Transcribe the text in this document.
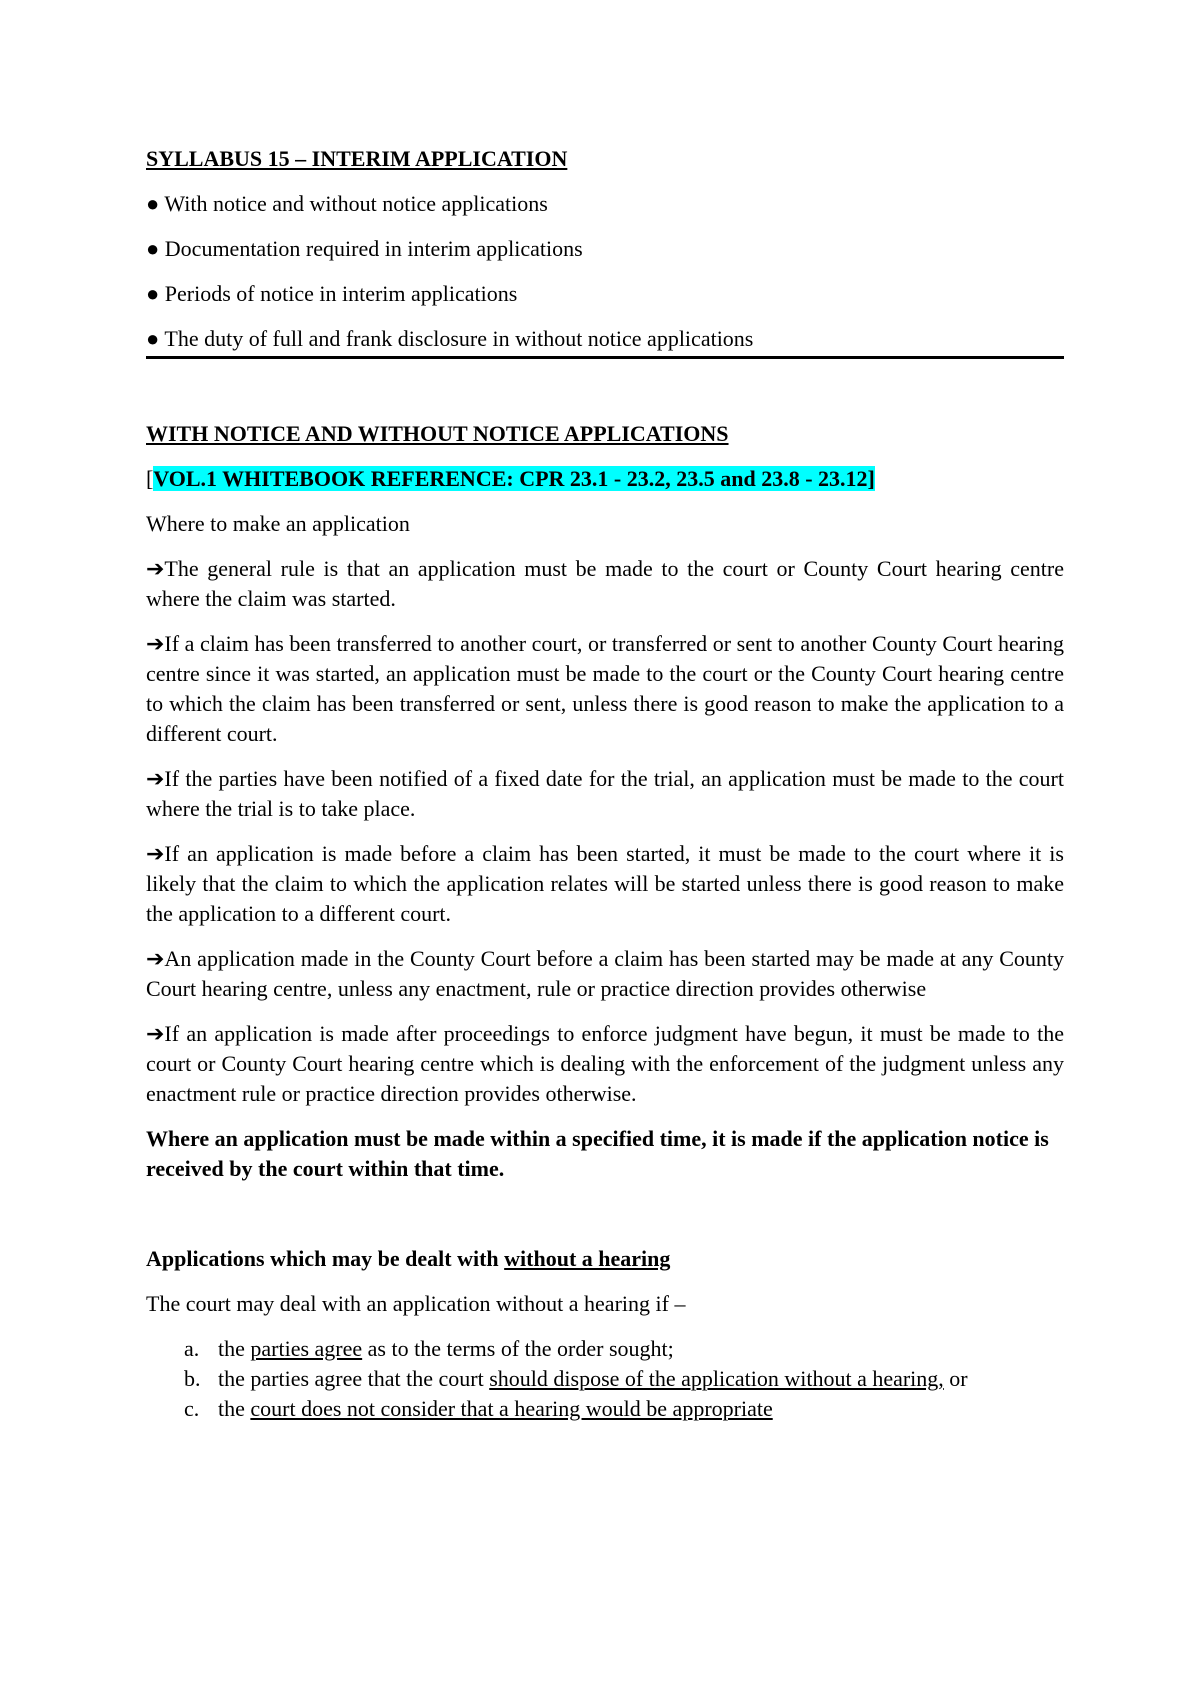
SYLLABUS 15 – INTERIM APPLICATION

● With notice and without notice applications

● Documentation required in interim applications

● Periods of notice in interim applications

● The duty of full and frank disclosure in without notice applications

WITH NOTICE AND WITHOUT NOTICE APPLICATIONS

[VOL.1 WHITEBOOK REFERENCE: CPR 23.1 - 23.2, 23.5 and 23.8 - 23.12]

Where to make an application

➔The general rule is that an application must be made to the court or County Court hearing centre where the claim was started.

➔If a claim has been transferred to another court, or transferred or sent to another County Court hearing centre since it was started, an application must be made to the court or the County Court hearing centre to which the claim has been transferred or sent, unless there is good reason to make the application to a different court.

➔If the parties have been notified of a fixed date for the trial, an application must be made to the court where the trial is to take place.

➔If an application is made before a claim has been started, it must be made to the court where it is likely that the claim to which the application relates will be started unless there is good reason to make the application to a different court.

➔An application made in the County Court before a claim has been started may be made at any County Court hearing centre, unless any enactment, rule or practice direction provides otherwise

➔If an application is made after proceedings to enforce judgment have begun, it must be made to the court or County Court hearing centre which is dealing with the enforcement of the judgment unless any enactment rule or practice direction provides otherwise.

Where an application must be made within a specified time, it is made if the application notice is received by the court within that time.

Applications which may be dealt with without a hearing

The court may deal with an application without a hearing if –

a. the parties agree as to the terms of the order sought;
b. the parties agree that the court should dispose of the application without a hearing, or
c. the court does not consider that a hearing would be appropriate
